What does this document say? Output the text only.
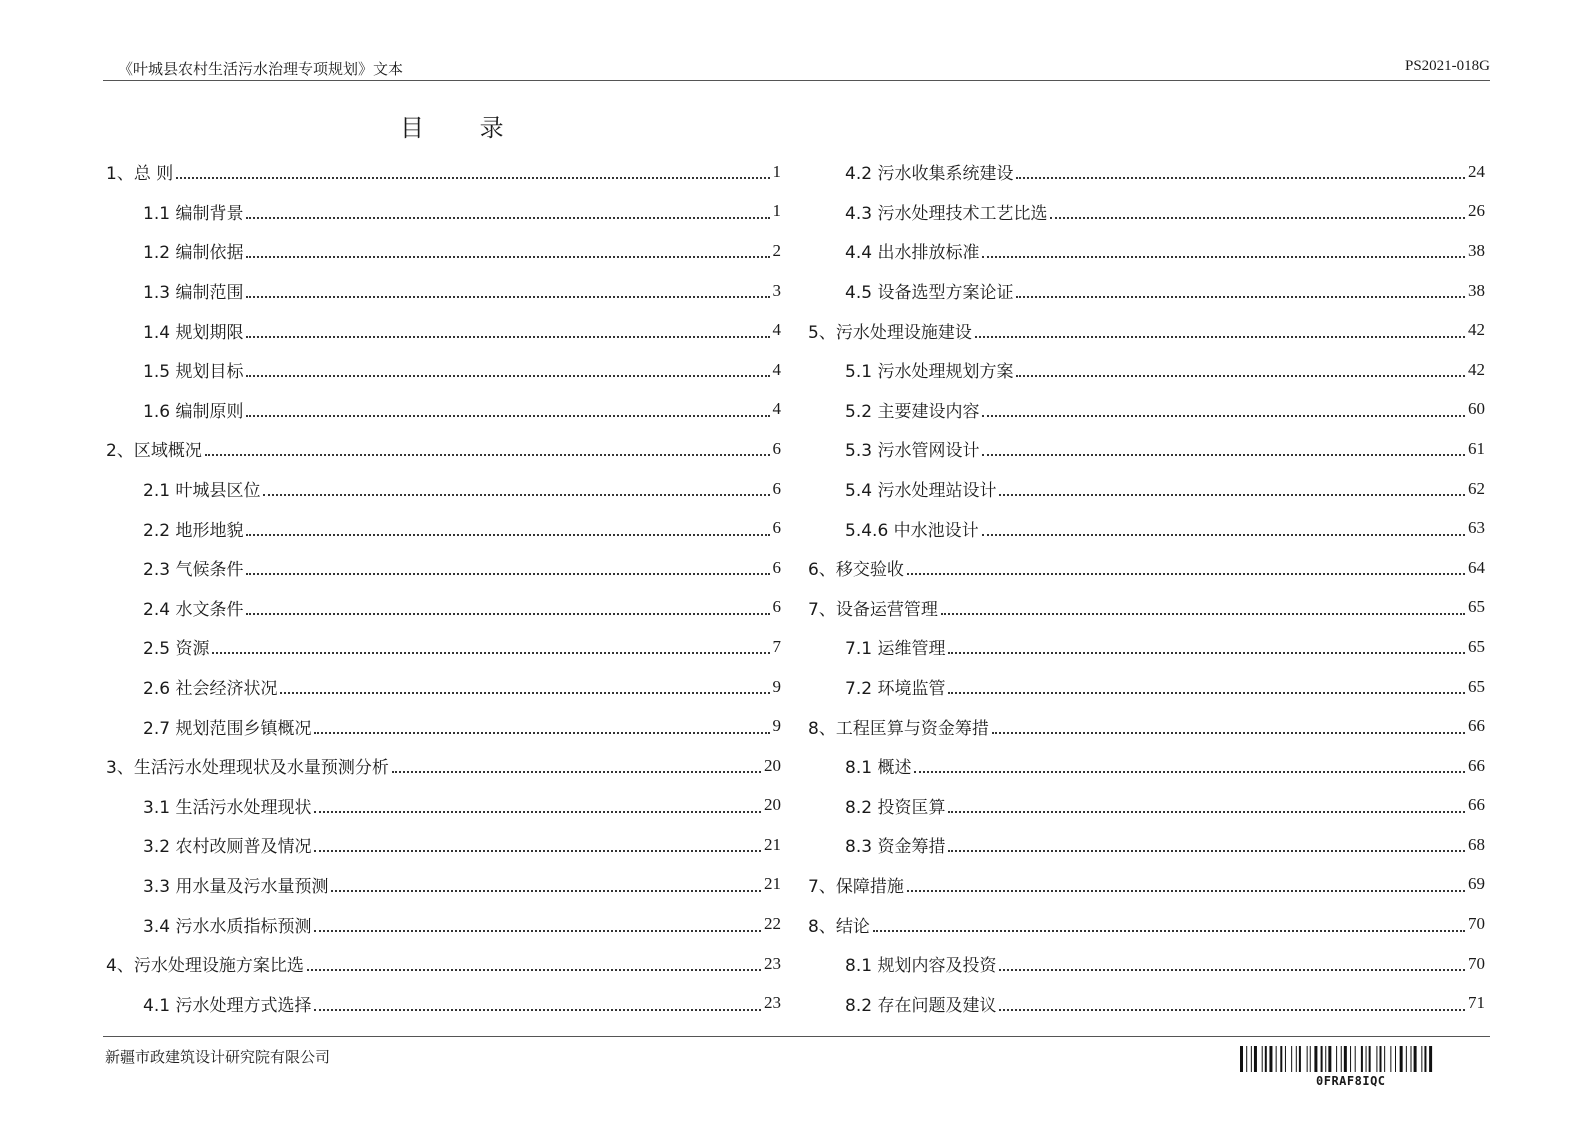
《叶城县农村生活污水治理专项规划》文本	PS2021-018G
目 录
1、总 则	1
1.1 编制背景	1
1.2 编制依据	2
1.3 编制范围	3
1.4 规划期限	4
1.5 规划目标	4
1.6 编制原则	4
2、区域概况	6
2.1 叶城县区位	6
2.2 地形地貌	6
2.3 气候条件	6
2.4 水文条件	6
2.5 资源	7
2.6 社会经济状况	9
2.7 规划范围乡镇概况	9
3、生活污水处理现状及水量预测分析	20
3.1 生活污水处理现状	20
3.2 农村改厕普及情况	21
3.3 用水量及污水量预测	21
3.4 污水水质指标预测	22
4、污水处理设施方案比选	23
4.1 污水处理方式选择	23
4.2 污水收集系统建设	24
4.3 污水处理技术工艺比选	26
4.4 出水排放标准	38
4.5 设备选型方案论证	38
5、污水处理设施建设	42
5.1 污水处理规划方案	42
5.2 主要建设内容	60
5.3 污水管网设计	61
5.4 污水处理站设计	62
5.4.6 中水池设计	63
6、移交验收	64
7、设备运营管理	65
7.1 运维管理	65
7.2 环境监管	65
8、工程匡算与资金筹措	66
8.1 概述	66
8.2 投资匡算	66
8.3 资金筹措	68
7、保障措施	69
8、结论	70
8.1 规划内容及投资	70
8.2 存在问题及建议	71
新疆市政建筑设计研究院有限公司
0FRAF8IQC
